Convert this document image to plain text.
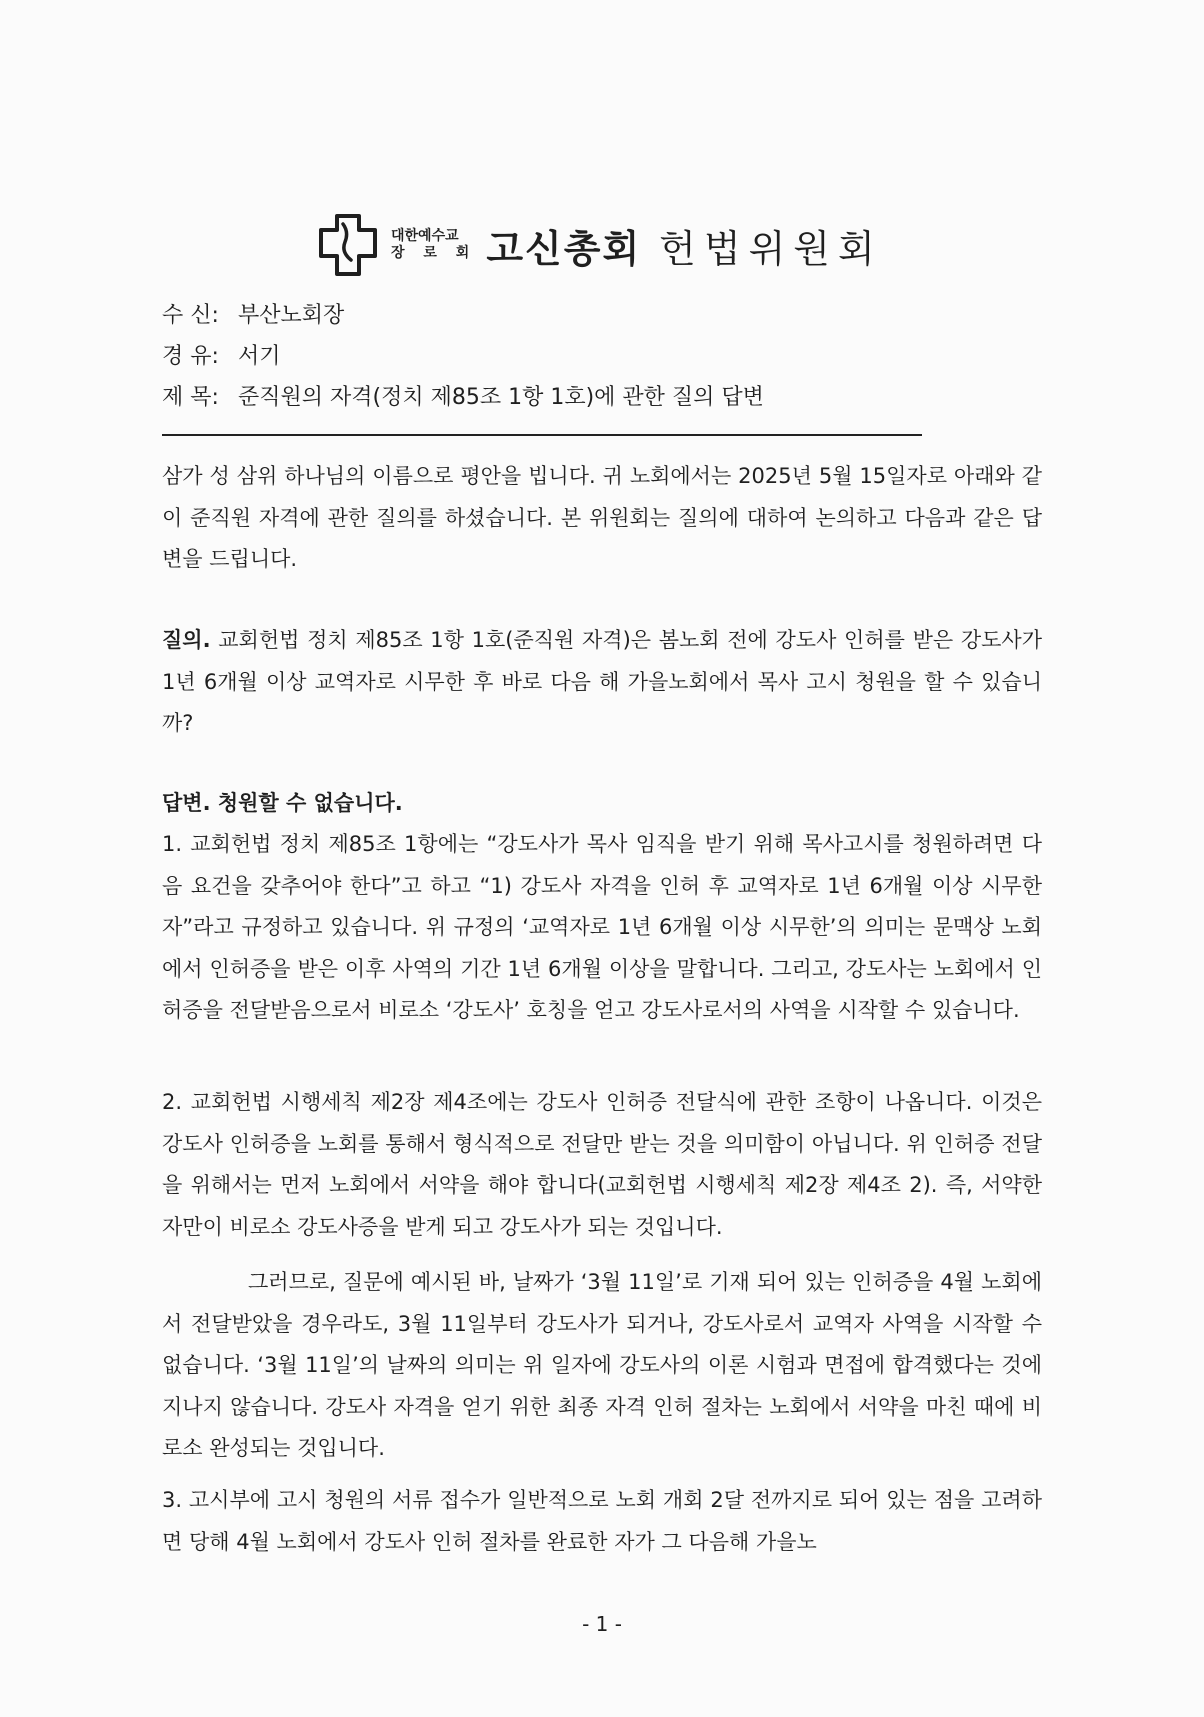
대한예수교
장 로 회 고신총회 헌법위원회
수 신: 부산노회장
경 유: 서기
제 목: 준직원의 자격(정치 제85조 1항 1호)에 관한 질의 답변

삼가 성 삼위 하나님의 이름으로 평안을 빕니다. 귀 노회에서는 2025년 5월 15일자로 아래와 같이 준직원 자격에 관한 질의를 하셨습니다. 본 위원회는 질의에 대하여 논의하고 다음과 같은 답변을 드립니다.

질의. 교회헌법 정치 제85조 1항 1호(준직원 자격)은 봄노회 전에 강도사 인허를 받은 강도사가 1년 6개월 이상 교역자로 시무한 후 바로 다음 해 가을노회에서 목사 고시 청원을 할 수 있습니까?

답변. 청원할 수 없습니다.

1. 교회헌법 정치 제85조 1항에는 “강도사가 목사 임직을 받기 위해 목사고시를 청원하려면 다음 요건을 갖추어야 한다”고 하고 “1) 강도사 자격을 인허 후 교역자로 1년 6개월 이상 시무한 자”라고 규정하고 있습니다. 위 규정의 ‘교역자로 1년 6개월 이상 시무한’의 의미는 문맥상 노회에서 인허증을 받은 이후 사역의 기간 1년 6개월 이상을 말합니다. 그리고, 강도사는 노회에서 인허증을 전달받음으로서 비로소 ‘강도사’ 호칭을 얻고 강도사로서의 사역을 시작할 수 있습니다.

2. 교회헌법 시행세칙 제2장 제4조에는 강도사 인허증 전달식에 관한 조항이 나옵니다. 이것은 강도사 인허증을 노회를 통해서 형식적으로 전달만 받는 것을 의미함이 아닙니다. 위 인허증 전달을 위해서는 먼저 노회에서 서약을 해야 합니다(교회헌법 시행세칙 제2장 제4조 2). 즉, 서약한 자만이 비로소 강도사증을 받게 되고 강도사가 되는 것입니다.

그러므로, 질문에 예시된 바, 날짜가 ‘3월 11일’로 기재 되어 있는 인허증을 4월 노회에서 전달받았을 경우라도, 3월 11일부터 강도사가 되거나, 강도사로서 교역자 사역을 시작할 수 없습니다. ‘3월 11일’의 날짜의 의미는 위 일자에 강도사의 이론 시험과 면접에 합격했다는 것에 지나지 않습니다. 강도사 자격을 얻기 위한 최종 자격 인허 절차는 노회에서 서약을 마친 때에 비로소 완성되는 것입니다.

3. 고시부에 고시 청원의 서류 접수가 일반적으로 노회 개회 2달 전까지로 되어 있는 점을 고려하면 당해 4월 노회에서 강도사 인허 절차를 완료한 자가 그 다음해 가을노

- 1 -
